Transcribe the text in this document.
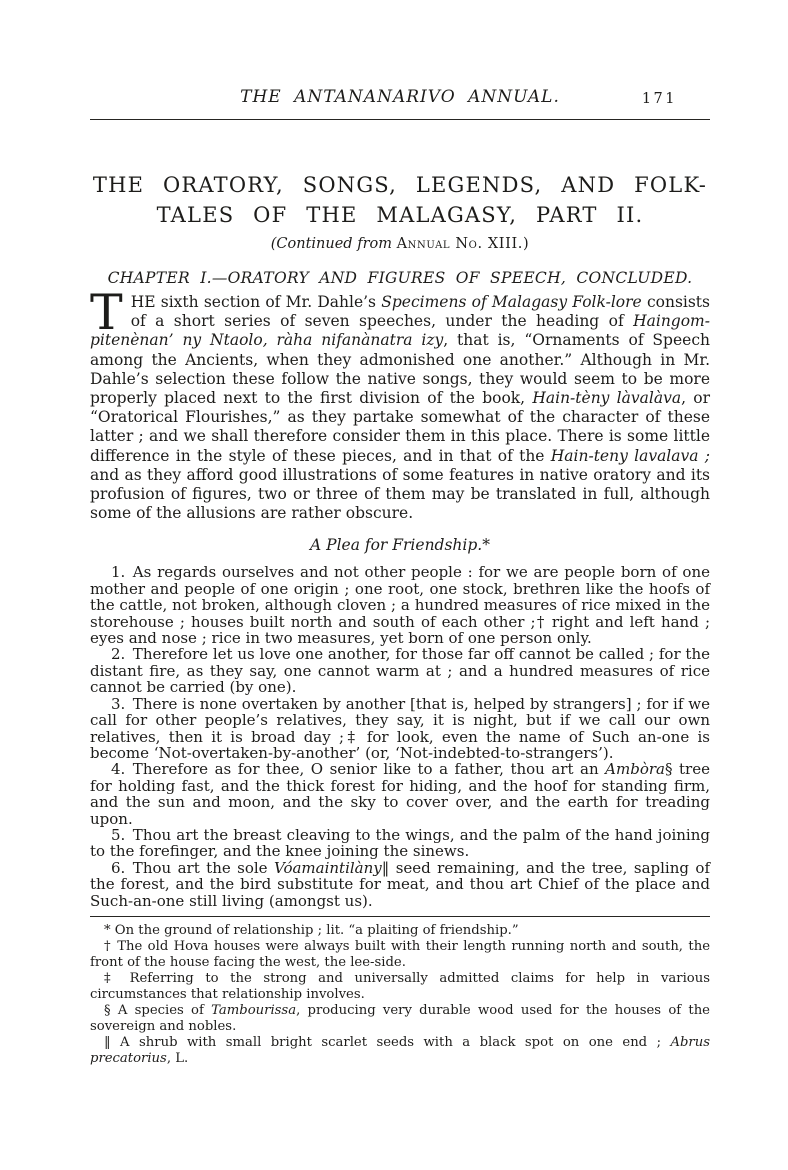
THE ANTANANARIVO ANNUAL.	171
THE ORATORY, SONGS, LEGENDS, AND FOLK-
TALES OF THE MALAGASY, PART II.

(Continued from Annual No. XIII.)

CHAPTER I.—ORATORY AND FIGURES OF SPEECH, CONCLUDED.

THE sixth section of Mr. Dahle’s Specimens of Malagasy Folk-lore consists of a short series of seven speeches, under the heading of Haingom-pitenènan’ ny Ntaolo, ràha nifanànatra izy, that is, “Ornaments of Speech among the Ancients, when they admonished one another.” Although in Mr. Dahle’s selection these follow the native songs, they would seem to be more properly placed next to the first division of the book, Hain-tèny làvalàva, or “Oratorical Flourishes,” as they partake somewhat of the character of these latter ; and we shall therefore consider them in this place. There is some little difference in the style of these pieces, and in that of the Hain-teny lavalava ; and as they afford good illustrations of some features in native oratory and its profusion of figures, two or three of them may be translated in full, although some of the allusions are rather obscure.

A Plea for Friendship.*

1. As regards ourselves and not other people : for we are people born of one mother and people of one origin ; one root, one stock, brethren like the hoofs of the cattle, not broken, although cloven ; a hundred measures of rice mixed in the storehouse ; houses built north and south of each other ;† right and left hand ; eyes and nose ; rice in two measures, yet born of one person only.

2. Therefore let us love one another, for those far off cannot be called ; for the distant fire, as they say, one cannot warm at ; and a hundred measures of rice cannot be carried (by one).

3. There is none overtaken by another [that is, helped by strangers] ; for if we call for other people’s relatives, they say, it is night, but if we call our own relatives, then it is broad day ;‡ for look, even the name of Such an-one is become ‘Not-overtaken-by-another’ (or, ‘Not-indebted-to-strangers’).

4. Therefore as for thee, O senior like to a father, thou art an Ambòra§ tree for holding fast, and the thick forest for hiding, and the hoof for standing firm, and the sun and moon, and the sky to cover over, and the earth for treading upon.

5. Thou art the breast cleaving to the wings, and the palm of the hand joining to the forefinger, and the knee joining the sinews.

6. Thou art the sole Vóamaintilàny‖ seed remaining, and the tree, sapling of the forest, and the bird substitute for meat, and thou art Chief of the place and Such-an-one still living (amongst us).

* On the ground of relationship ; lit. “a plaiting of friendship.”

† The old Hova houses were always built with their length running north and south, the front of the house facing the west, the lee-side.

‡ Referring to the strong and universally admitted claims for help in various circumstances that relationship involves.

§ A species of Tambourissa, producing very durable wood used for the houses of the sovereign and nobles.

‖ A shrub with small bright scarlet seeds with a black spot on one end ; Abrus precatorius, L.
